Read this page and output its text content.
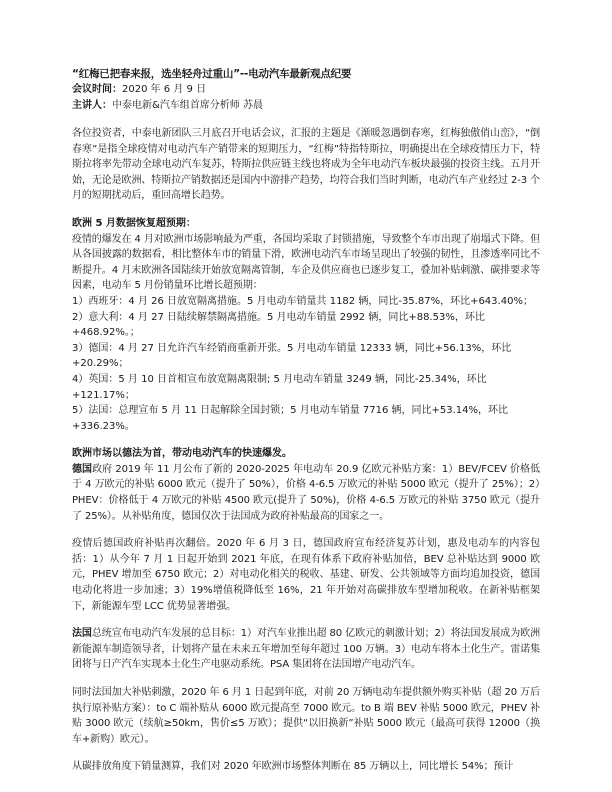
“红梅已把春来报，选坐轻舟过重山”--电动汽车最新观点纪要
会议时间：2020 年 6 月 9 日
主讲人：中泰电新&汽车组首席分析师 苏晨

各位投资者，中泰电新团队三月底召开电话会议，汇报的主题是《渐暖忽遇倒春寒，红梅独傲俏山峦》，“倒春寒”是指全球疫情对电动汽车产销带来的短期压力，“红梅”特指特斯拉，明确提出在全球疫情压力下，特斯拉将率先带动全球电动汽车复苏，特斯拉供应链主线也将成为全年电动汽车板块最强的投资主线。五月开始，无论是欧洲、特斯拉产销数据还是国内中游排产趋势，均符合我们当时判断，电动汽车产业经过 2-3 个月的短期扰动后，重回高增长趋势。

欧洲 5 月数据恢复超预期：

疫情的爆发在 4 月对欧洲市场影响最为严重，各国均采取了封锁措施，导致整个车市出现了崩塌式下降。但从各国披露的数据看，相比整体车市的销量下滑，欧洲电动汽车市场呈现出了较强的韧性，且渗透率同比不断提升。4 月末欧洲各国陆续开始放宽隔离管制，车企及供应商也已逐步复工，叠加补贴刺激、碳排要求等因素，电动车 5 月份销量环比增长超预期：

1）西班牙：4 月 26 日放宽隔离措施。5 月电动车销量共 1182 辆，同比-35.87%，环比+643.40%；

2）意大利：4 月 27 日陆续解禁隔离措施。5 月电动车销量 2992 辆，同比+88.53%，环比+468.92%。；

3）德国：4 月 27 日允许汽车经销商重新开张。5 月电动车销量 12333 辆，同比+56.13%，环比+20.29%；

4）英国：5 月 10 日首相宣布放宽隔离限制; 5 月电动车销量 3249 辆，同比-25.34%，环比+121.17%；

5）法国：总理宣布 5 月 11 日起解除全国封锁；5 月电动车销量 7716 辆，同比+53.14%，环比+336.23%。

欧洲市场以德法为首，带动电动汽车的快速爆发。

德国政府 2019 年 11 月公布了新的 2020-2025 年电动车 20.9 亿欧元补贴方案：1）BEV/FCEV 价格低于 4 万欧元的补贴 6000 欧元（提升了 50%），价格 4-6.5 万欧元的补贴 5000 欧元（提升了 25%）；2）PHEV：价格低于 4 万欧元的补贴 4500 欧元(提升了 50%)，价格 4-6.5 万欧元的补贴 3750 欧元（提升了 25%）。从补贴角度，德国仅次于法国成为政府补贴最高的国家之一。

疫情后德国政府补贴再次翻倍。2020 年 6 月 3 日，德国政府宣布经济复苏计划，惠及电动车的内容包括：1）从今年 7 月 1 日起开始到 2021 年底，在现有体系下政府补贴加倍，BEV 总补贴达到 9000 欧元，PHEV 增加至 6750 欧元；2）对电动化相关的税收、基建、研发、公共领域等方面均追加投资，德国电动化将进一步加速；3）19%增值税降低至 16%，21 年开始对高碳排放车型增加税收。在新补贴框架下，新能源车型 LCC 优势显著增强。

法国总统宣布电动汽车发展的总目标：1）对汽车业推出超 80 亿欧元的刺激计划；2）将法国发展成为欧洲新能源车制造领导者，计划将产量在未来五年增加至每年超过 100 万辆。3）电动车将本土化生产。雷诺集团将与日产汽车实现本土化生产电驱动系统。PSA 集团将在法国增产电动汽车。

同时法国加大补贴刺激，2020 年 6 月 1 日起到年底，对前 20 万辆电动车提供额外购买补贴（超 20 万后执行原补贴方案）：to C 端补贴从 6000 欧元提高至 7000 欧元。to B 端 BEV 补贴 5000 欧元，PHEV 补贴 3000 欧元（续航≥50km，售价≤5 万欧）；提供“以旧换新”补贴 5000 欧元（最高可获得 12000（换车+新购）欧元）。

从碳排放角度下销量测算，我们对 2020 年欧洲市场整体判断在 85 万辆以上，同比增长 54%；预计
